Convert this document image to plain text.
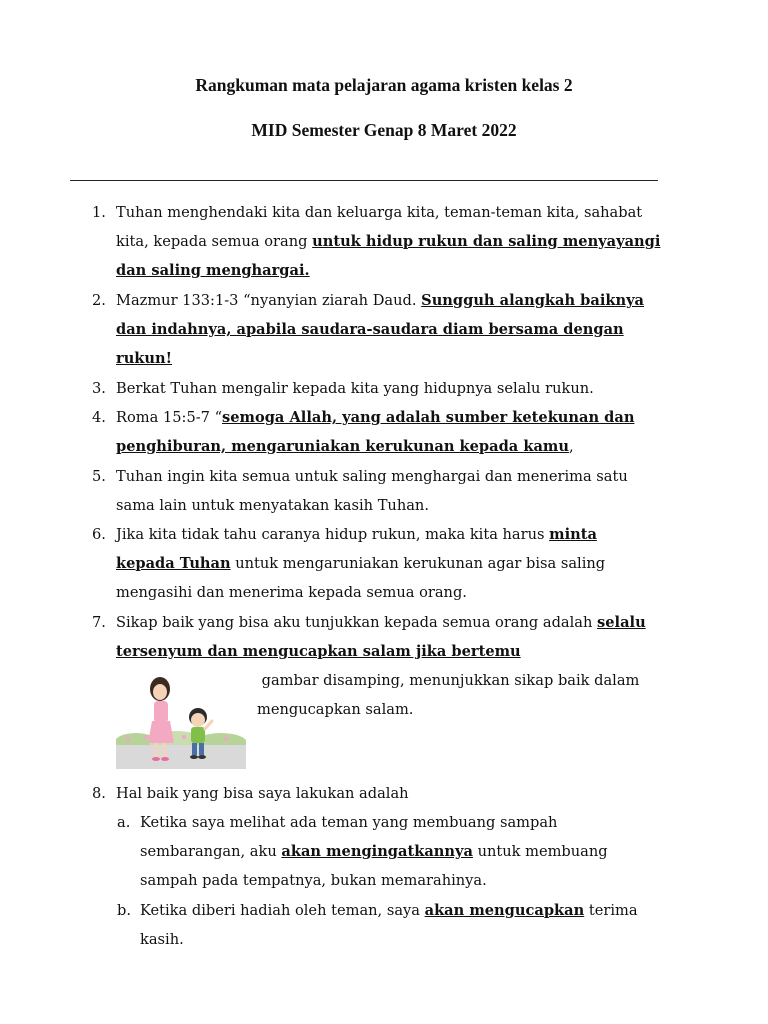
Rangkuman mata pelajaran agama kristen kelas 2
MID Semester Genap 8 Maret 2022
1. Tuhan menghendaki kita dan keluarga kita, teman-teman kita, sahabat
kita, kepada semua orang untuk hidup rukun dan saling menyayangi
dan saling menghargai.
2. Mazmur 133:1-3 “nyanyian ziarah Daud. Sungguh alangkah baiknya
dan indahnya, apabila saudara-saudara diam bersama dengan
rukun!
3. Berkat Tuhan mengalir kepada kita yang hidupnya selalu rukun.
4. Roma 15:5-7 “semoga Allah, yang adalah sumber ketekunan dan
penghiburan, mengaruniakan kerukunan kepada kamu,
5. Tuhan ingin kita semua untuk saling menghargai dan menerima satu
sama lain untuk menyatakan kasih Tuhan.
6. Jika kita tidak tahu caranya hidup rukun, maka kita harus minta
kepada Tuhan untuk mengaruniakan kerukunan agar bisa saling
mengasihi dan menerima kepada semua orang.
7. Sikap baik yang bisa aku tunjukkan kepada semua orang adalah selalu
tersenyum dan mengucapkan salam jika bertemu
gambar disamping, menunjukkan sikap baik dalam
mengucapkan salam.
8. Hal baik yang bisa saya lakukan adalah
a. Ketika saya melihat ada teman yang membuang sampah
sembarangan, aku akan mengingatkannya untuk membuang
sampah pada tempatnya, bukan memarahinya.
b. Ketika diberi hadiah oleh teman, saya akan mengucapkan terima
kasih.
